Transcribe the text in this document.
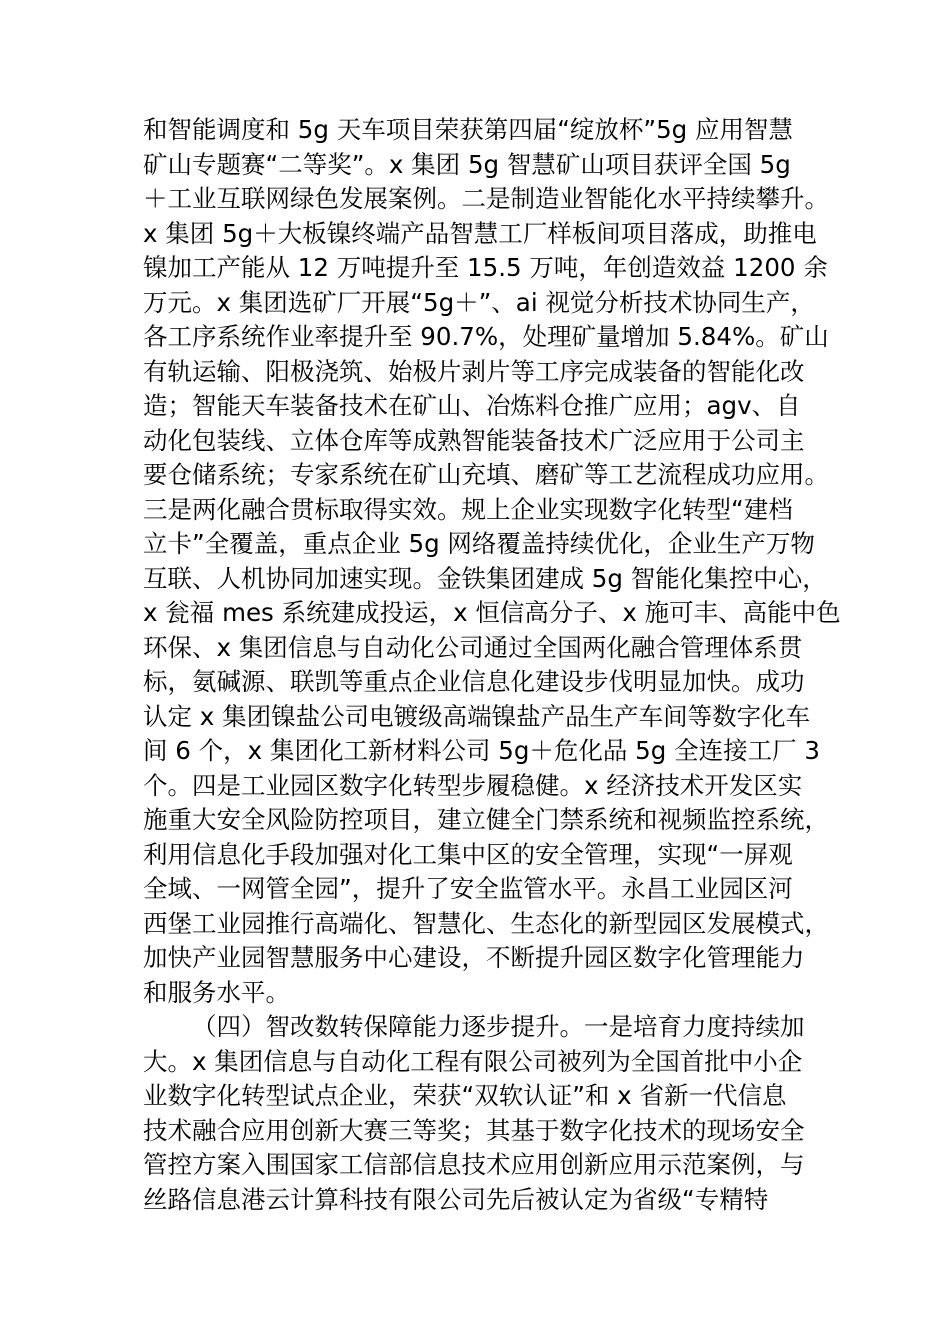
和智能调度和 5g 天车项目荣获第四届“绽放杯”5g 应用智慧
矿山专题赛“二等奖”。x 集团 5g 智慧矿山项目获评全国 5g
＋工业互联网绿色发展案例。二是制造业智能化水平持续攀升。
x 集团 5g＋大板镍终端产品智慧工厂样板间项目落成，助推电
镍加工产能从 12 万吨提升至 15.5 万吨，年创造效益 1200 余
万元。x 集团选矿厂开展“5g＋”、ai 视觉分析技术协同生产，
各工序系统作业率提升至 90.7%，处理矿量增加 5.84%。矿山
有轨运输、阳极浇筑、始极片剥片等工序完成装备的智能化改
造；智能天车装备技术在矿山、冶炼料仓推广应用；agv、自
动化包装线、立体仓库等成熟智能装备技术广泛应用于公司主
要仓储系统；专家系统在矿山充填、磨矿等工艺流程成功应用。
三是两化融合贯标取得实效。规上企业实现数字化转型“建档
立卡”全覆盖，重点企业 5g 网络覆盖持续优化，企业生产万物
互联、人机协同加速实现。金铁集团建成 5g 智能化集控中心，
x 瓮福 mes 系统建成投运，x 恒信高分子、x 施可丰、高能中色
环保、x 集团信息与自动化公司通过全国两化融合管理体系贯
标，氨碱源、联凯等重点企业信息化建设步伐明显加快。成功
认定 x 集团镍盐公司电镀级高端镍盐产品生产车间等数字化车
间 6 个，x 集团化工新材料公司 5g＋危化品 5g 全连接工厂 3
个。四是工业园区数字化转型步履稳健。x 经济技术开发区实
施重大安全风险防控项目，建立健全门禁系统和视频监控系统，
利用信息化手段加强对化工集中区的安全管理，实现“一屏观
全域、一网管全园”，提升了安全监管水平。永昌工业园区河
西堡工业园推行高端化、智慧化、生态化的新型园区发展模式，
加快产业园智慧服务中心建设，不断提升园区数字化管理能力
和服务水平。
（四）智改数转保障能力逐步提升。一是培育力度持续加
大。x 集团信息与自动化工程有限公司被列为全国首批中小企
业数字化转型试点企业，荣获“双软认证”和 x 省新一代信息
技术融合应用创新大赛三等奖；其基于数字化技术的现场安全
管控方案入围国家工信部信息技术应用创新应用示范案例，与
丝路信息港云计算科技有限公司先后被认定为省级“专精特
